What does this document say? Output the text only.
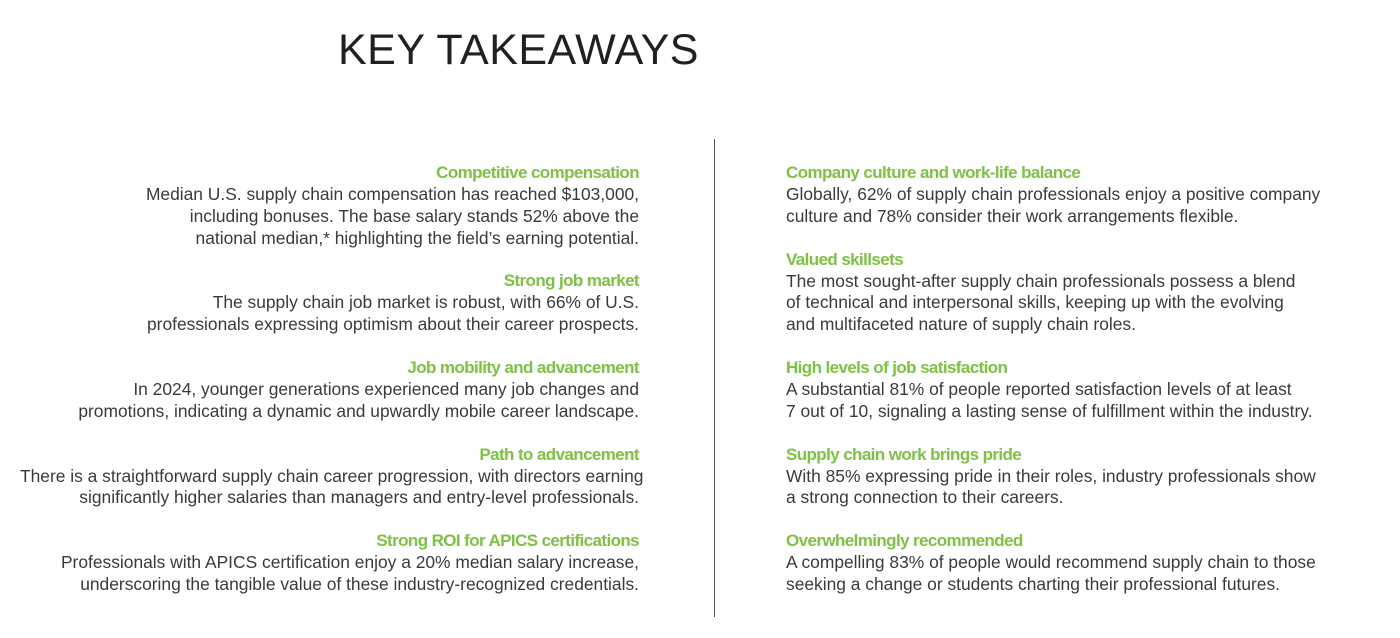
KEY TAKEAWAYS
Competitive compensation
Median U.S. supply chain compensation has reached $103,000,
including bonuses. The base salary stands 52% above the
national median,* highlighting the field’s earning potential.
Strong job market
The supply chain job market is robust, with 66% of U.S.
professionals expressing optimism about their career prospects.
Job mobility and advancement
In 2024, younger generations experienced many job changes and
promotions, indicating a dynamic and upwardly mobile career landscape.
Path to advancement
There is a straightforward supply chain career progression, with directors earning
significantly higher salaries than managers and entry-level professionals.
Strong ROI for APICS certifications
Professionals with APICS certification enjoy a 20% median salary increase,
underscoring the tangible value of these industry-recognized credentials.
Company culture and work-life balance
Globally, 62% of supply chain professionals enjoy a positive company
culture and 78% consider their work arrangements flexible.
Valued skillsets
The most sought-after supply chain professionals possess a blend
of technical and interpersonal skills, keeping up with the evolving
and multifaceted nature of supply chain roles.
High levels of job satisfaction
A substantial 81% of people reported satisfaction levels of at least
7 out of 10, signaling a lasting sense of fulfillment within the industry.
Supply chain work brings pride
With 85% expressing pride in their roles, industry professionals show
a strong connection to their careers.
Overwhelmingly recommended
A compelling 83% of people would recommend supply chain to those
seeking a change or students charting their professional futures.
